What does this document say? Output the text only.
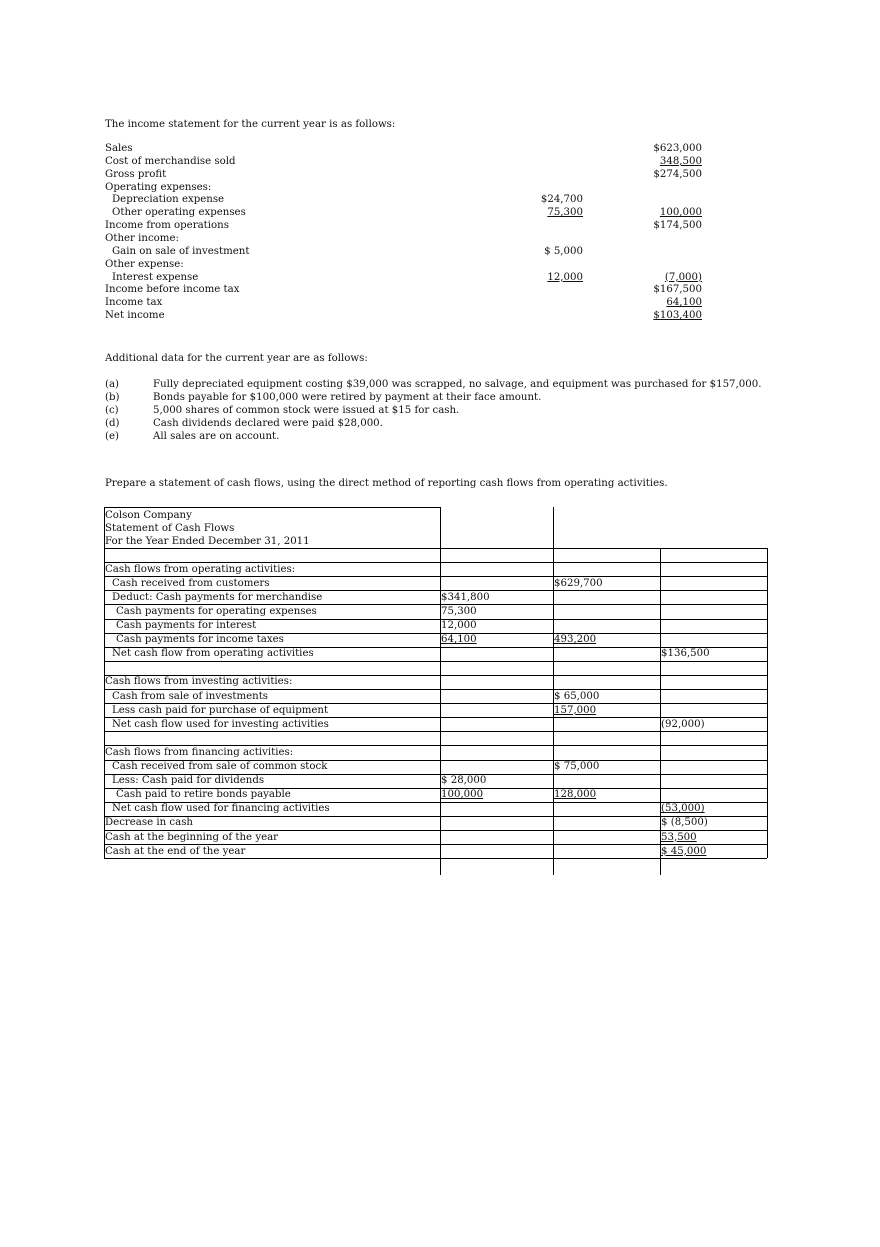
The income statement for the current year is as follows:
Sales	$623,000
Cost of merchandise sold	348,500
Gross profit	$274,500
Operating expenses:
Depreciation expense	$24,700
Other operating expenses	75,300	100,000
Income from operations	$174,500
Other income:
Gain on sale of investment	$ 5,000
Other expense:
Interest expense	12,000	(7,000)
Income before income tax	$167,500
Income tax	64,100
Net income	$103,400
Additional data for the current year are as follows:
(a)	Fully depreciated equipment costing $39,000 was scrapped, no salvage, and equipment was purchased for $157,000.
(b)	Bonds payable for $100,000 were retired by payment at their face amount.
(c)	5,000 shares of common stock were issued at $15 for cash.
(d)	Cash dividends declared were paid $28,000.
(e)	All sales are on account.
Prepare a statement of cash flows, using the direct method of reporting cash flows from operating activities.
Colson Company
Statement of Cash Flows
For the Year Ended December 31, 2011
Cash flows from operating activities:
Cash received from customers	$629,700
Deduct: Cash payments for merchandise	$341,800
Cash payments for operating expenses	75,300
Cash payments for interest	12,000
Cash payments for income taxes	64,100	493,200
Net cash flow from operating activities	$136,500
Cash flows from investing activities:
Cash from sale of investments	$ 65,000
Less cash paid for purchase of equipment	157,000
Net cash flow used for investing activities	(92,000)
Cash flows from financing activities:
Cash received from sale of common stock	$ 75,000
Less: Cash paid for dividends	$ 28,000
Cash paid to retire bonds payable	100,000	128,000
Net cash flow used for financing activities	(53,000)
Decrease in cash	$ (8,500)
Cash at the beginning of the year	53,500
Cash at the end of the year	$ 45,000
